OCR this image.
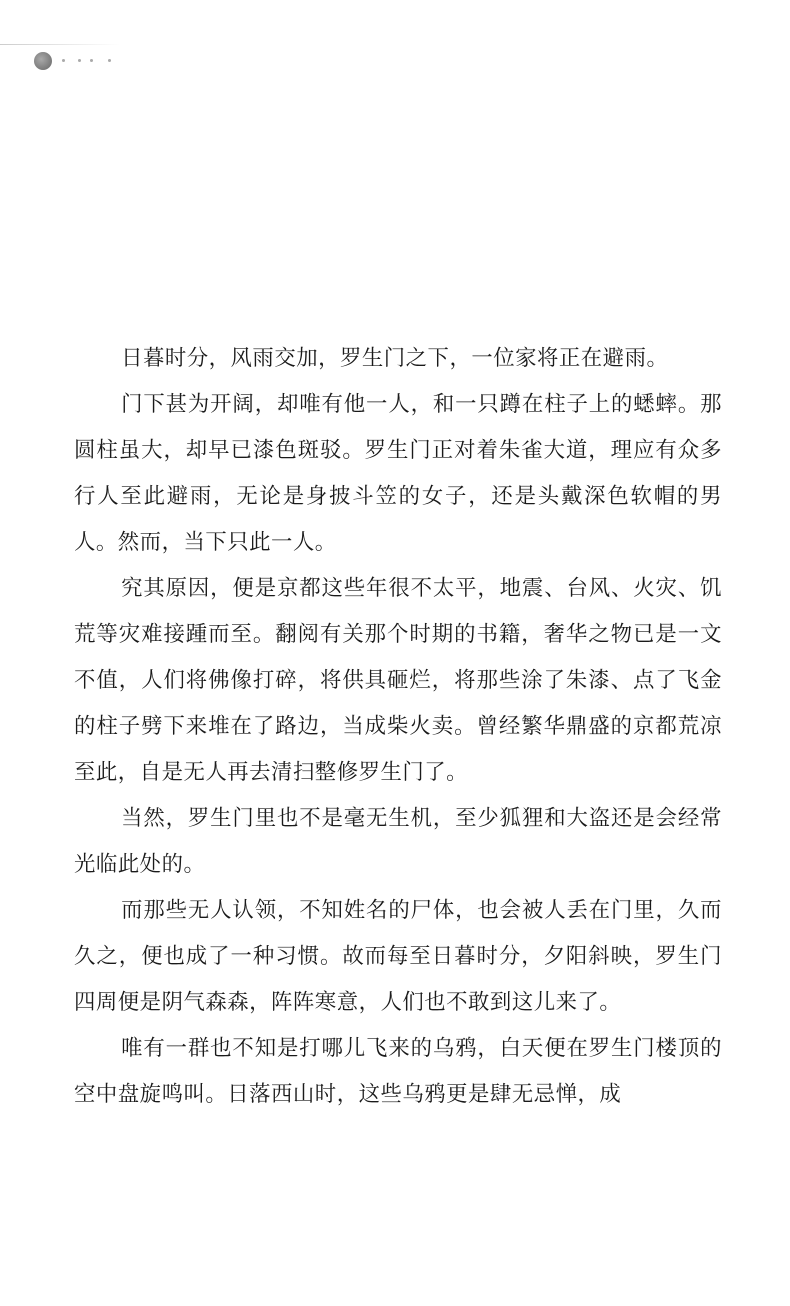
日暮时分，风雨交加，罗生门之下，一位家将正在避雨。

门下甚为开阔，却唯有他一人，和一只蹲在柱子上的蟋蟀。那圆柱虽大，却早已漆色斑驳。罗生门正对着朱雀大道，理应有众多行人至此避雨，无论是身披斗笠的女子，还是头戴深色软帽的男人。然而，当下只此一人。

究其原因，便是京都这些年很不太平，地震、台风、火灾、饥荒等灾难接踵而至。翻阅有关那个时期的书籍，奢华之物已是一文不值，人们将佛像打碎，将供具砸烂，将那些涂了朱漆、点了飞金的柱子劈下来堆在了路边，当成柴火卖。曾经繁华鼎盛的京都荒凉至此，自是无人再去清扫整修罗生门了。

当然，罗生门里也不是毫无生机，至少狐狸和大盗还是会经常光临此处的。

而那些无人认领，不知姓名的尸体，也会被人丢在门里，久而久之，便也成了一种习惯。故而每至日暮时分，夕阳斜映，罗生门四周便是阴气森森，阵阵寒意，人们也不敢到这儿来了。

唯有一群也不知是打哪儿飞来的乌鸦，白天便在罗生门楼顶的空中盘旋鸣叫。日落西山时，这些乌鸦更是肆无忌惮，成
